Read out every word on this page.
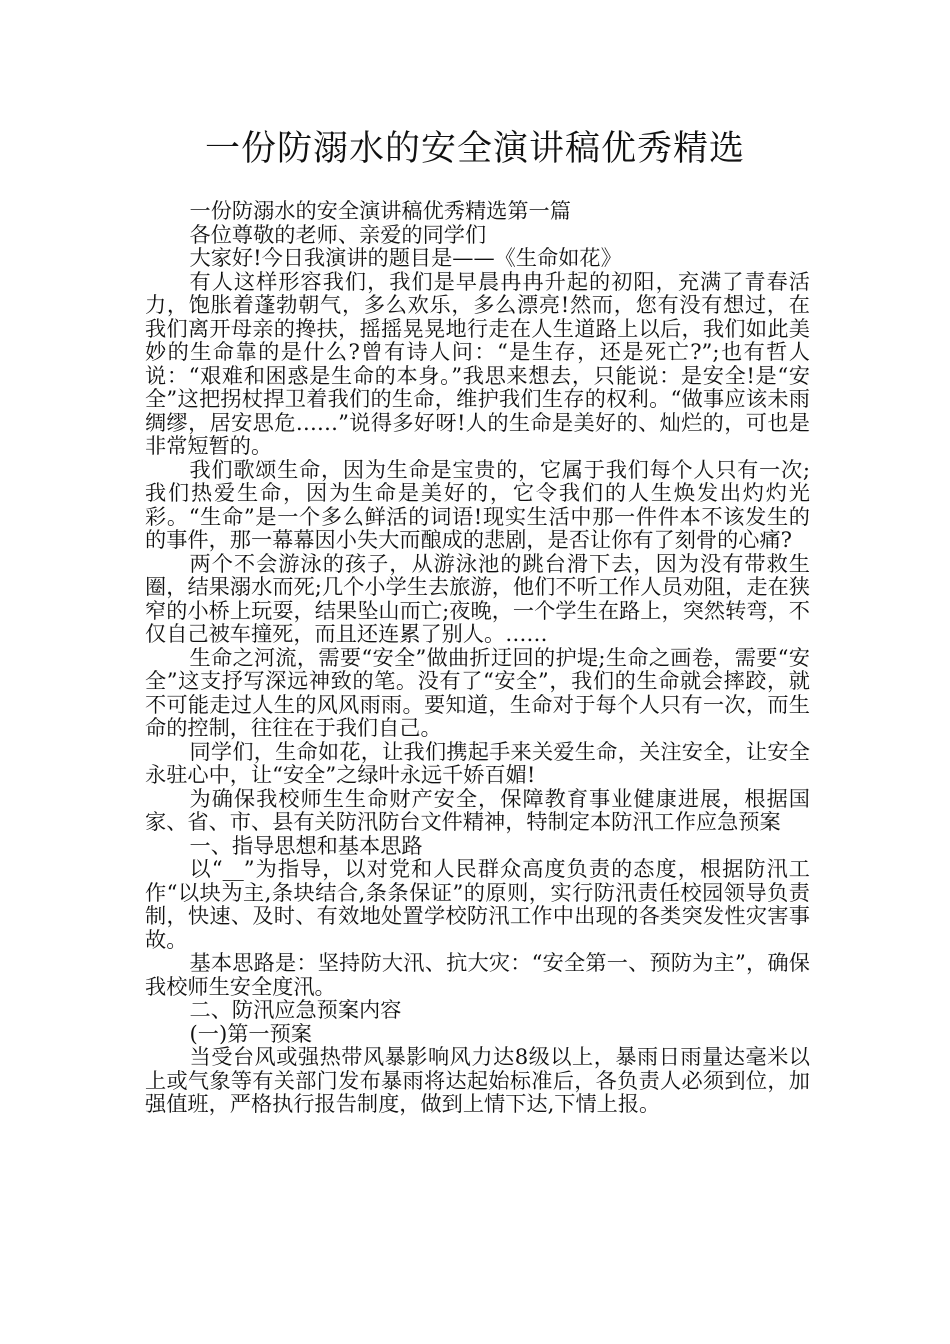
一份防溺水的安全演讲稿优秀精选

一份防溺水的安全演讲稿优秀精选第一篇

各位尊敬的老师、亲爱的同学们

大家好!今日我演讲的题目是——《生命如花》

有人这样形容我们，我们是早晨冉冉升起的初阳，充满了青春活力，饱胀着蓬勃朝气，多么欢乐，多么漂亮!然而，您有没有想过，在我们离开母亲的搀扶，摇摇晃晃地行走在人生道路上以后，我们如此美妙的生命靠的是什么?曾有诗人问：“是生存，还是死亡?”;也有哲人说：“艰难和困惑是生命的本身。”我思来想去，只能说：是安全!是“安全”这把拐杖捍卫着我们的生命，维护我们生存的权利。“做事应该未雨绸缪，居安思危……”说得多好呀!人的生命是美好的、灿烂的，可也是非常短暂的。

我们歌颂生命，因为生命是宝贵的，它属于我们每个人只有一次;我们热爱生命，因为生命是美好的，它令我们的人生焕发出灼灼光彩。“生命”是一个多么鲜活的词语!现实生活中那一件件本不该发生的的事件，那一幕幕因小失大而酿成的悲剧，是否让你有了刻骨的心痛?

两个不会游泳的孩子，从游泳池的跳台滑下去，因为没有带救生圈，结果溺水而死;几个小学生去旅游，他们不听工作人员劝阻，走在狭窄的小桥上玩耍，结果坠山而亡;夜晚，一个学生在路上，突然转弯，不仅自己被车撞死，而且还连累了别人。……

生命之河流，需要“安全”做曲折迂回的护堤;生命之画卷，需要“安全”这支抒写深远神致的笔。没有了“安全”，我们的生命就会摔跤，就不可能走过人生的风风雨雨。要知道，生命对于每个人只有一次，而生命的控制，往往在于我们自己。

同学们，生命如花，让我们携起手来关爱生命，关注安全，让安全永驻心中，让“安全”之绿叶永远千娇百媚!

为确保我校师生生命财产安全，保障教育事业健康进展，根据国家、省、市、县有关防汛防台文件精神，特制定本防汛工作应急预案

一、指导思想和基本思路

以“__”为指导，以对党和人民群众高度负责的态度，根据防汛工作“以块为主,条块结合,条条保证”的原则，实行防汛责任校园领导负责制，快速、及时、有效地处置学校防汛工作中出现的各类突发性灾害事故。

基本思路是：坚持防大汛、抗大灾：“安全第一、预防为主”，确保我校师生安全度汛。

二、防汛应急预案内容

(一)第一预案

当受台风或强热带风暴影响风力达8级以上，暴雨日雨量达毫米以上或气象等有关部门发布暴雨将达起始标准后，各负责人必须到位，加强值班，严格执行报告制度，做到上情下达,下情上报。
